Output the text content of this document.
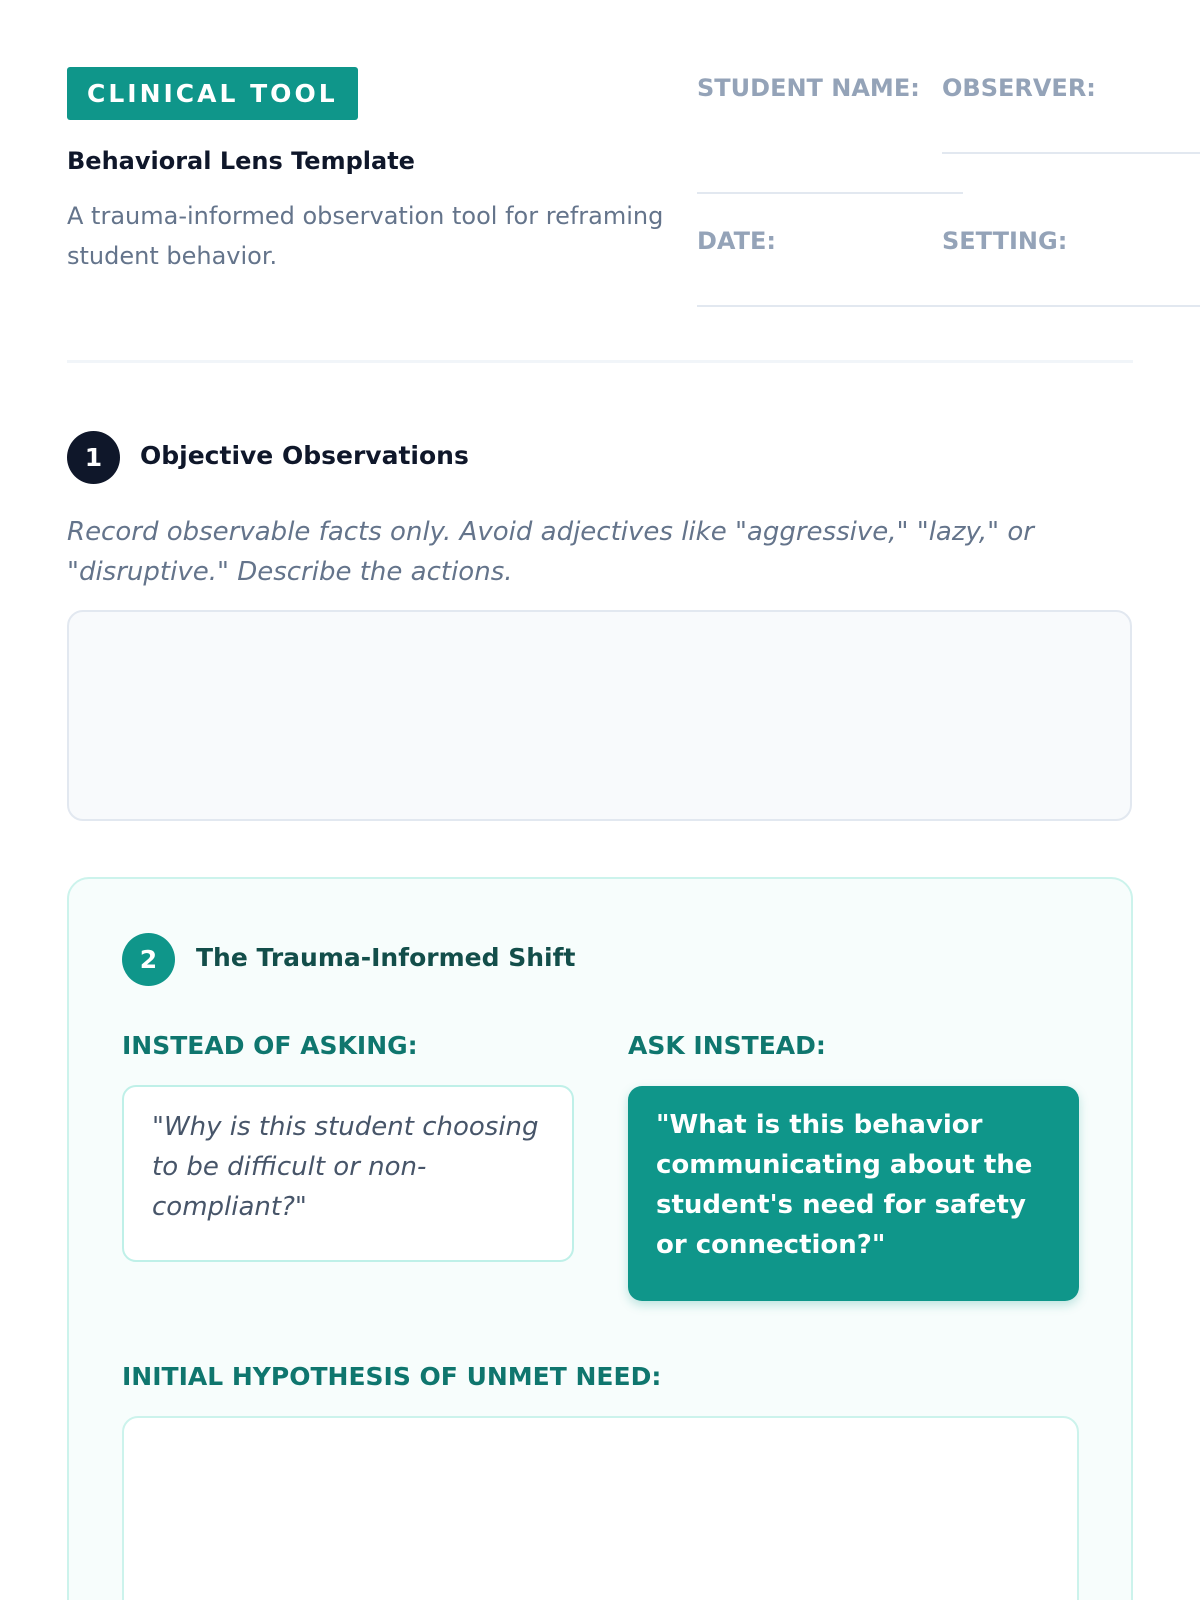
CLINICAL TOOL
Behavioral Lens Template
A trauma-informed observation tool for reframing student behavior.
STUDENT NAME: OBSERVER:
DATE:	SETTING:
1	Objective Observations
Record observable facts only. Avoid adjectives like "aggressive," "lazy," or "disruptive." Describe the actions.
2	The Trauma-Informed Shift
INSTEAD OF ASKING:	ASK INSTEAD:
"Why is this student choosing to be difficult or non-compliant?"
"What is this behavior communicating about the student's need for safety or connection?"
INITIAL HYPOTHESIS OF UNMET NEED:
